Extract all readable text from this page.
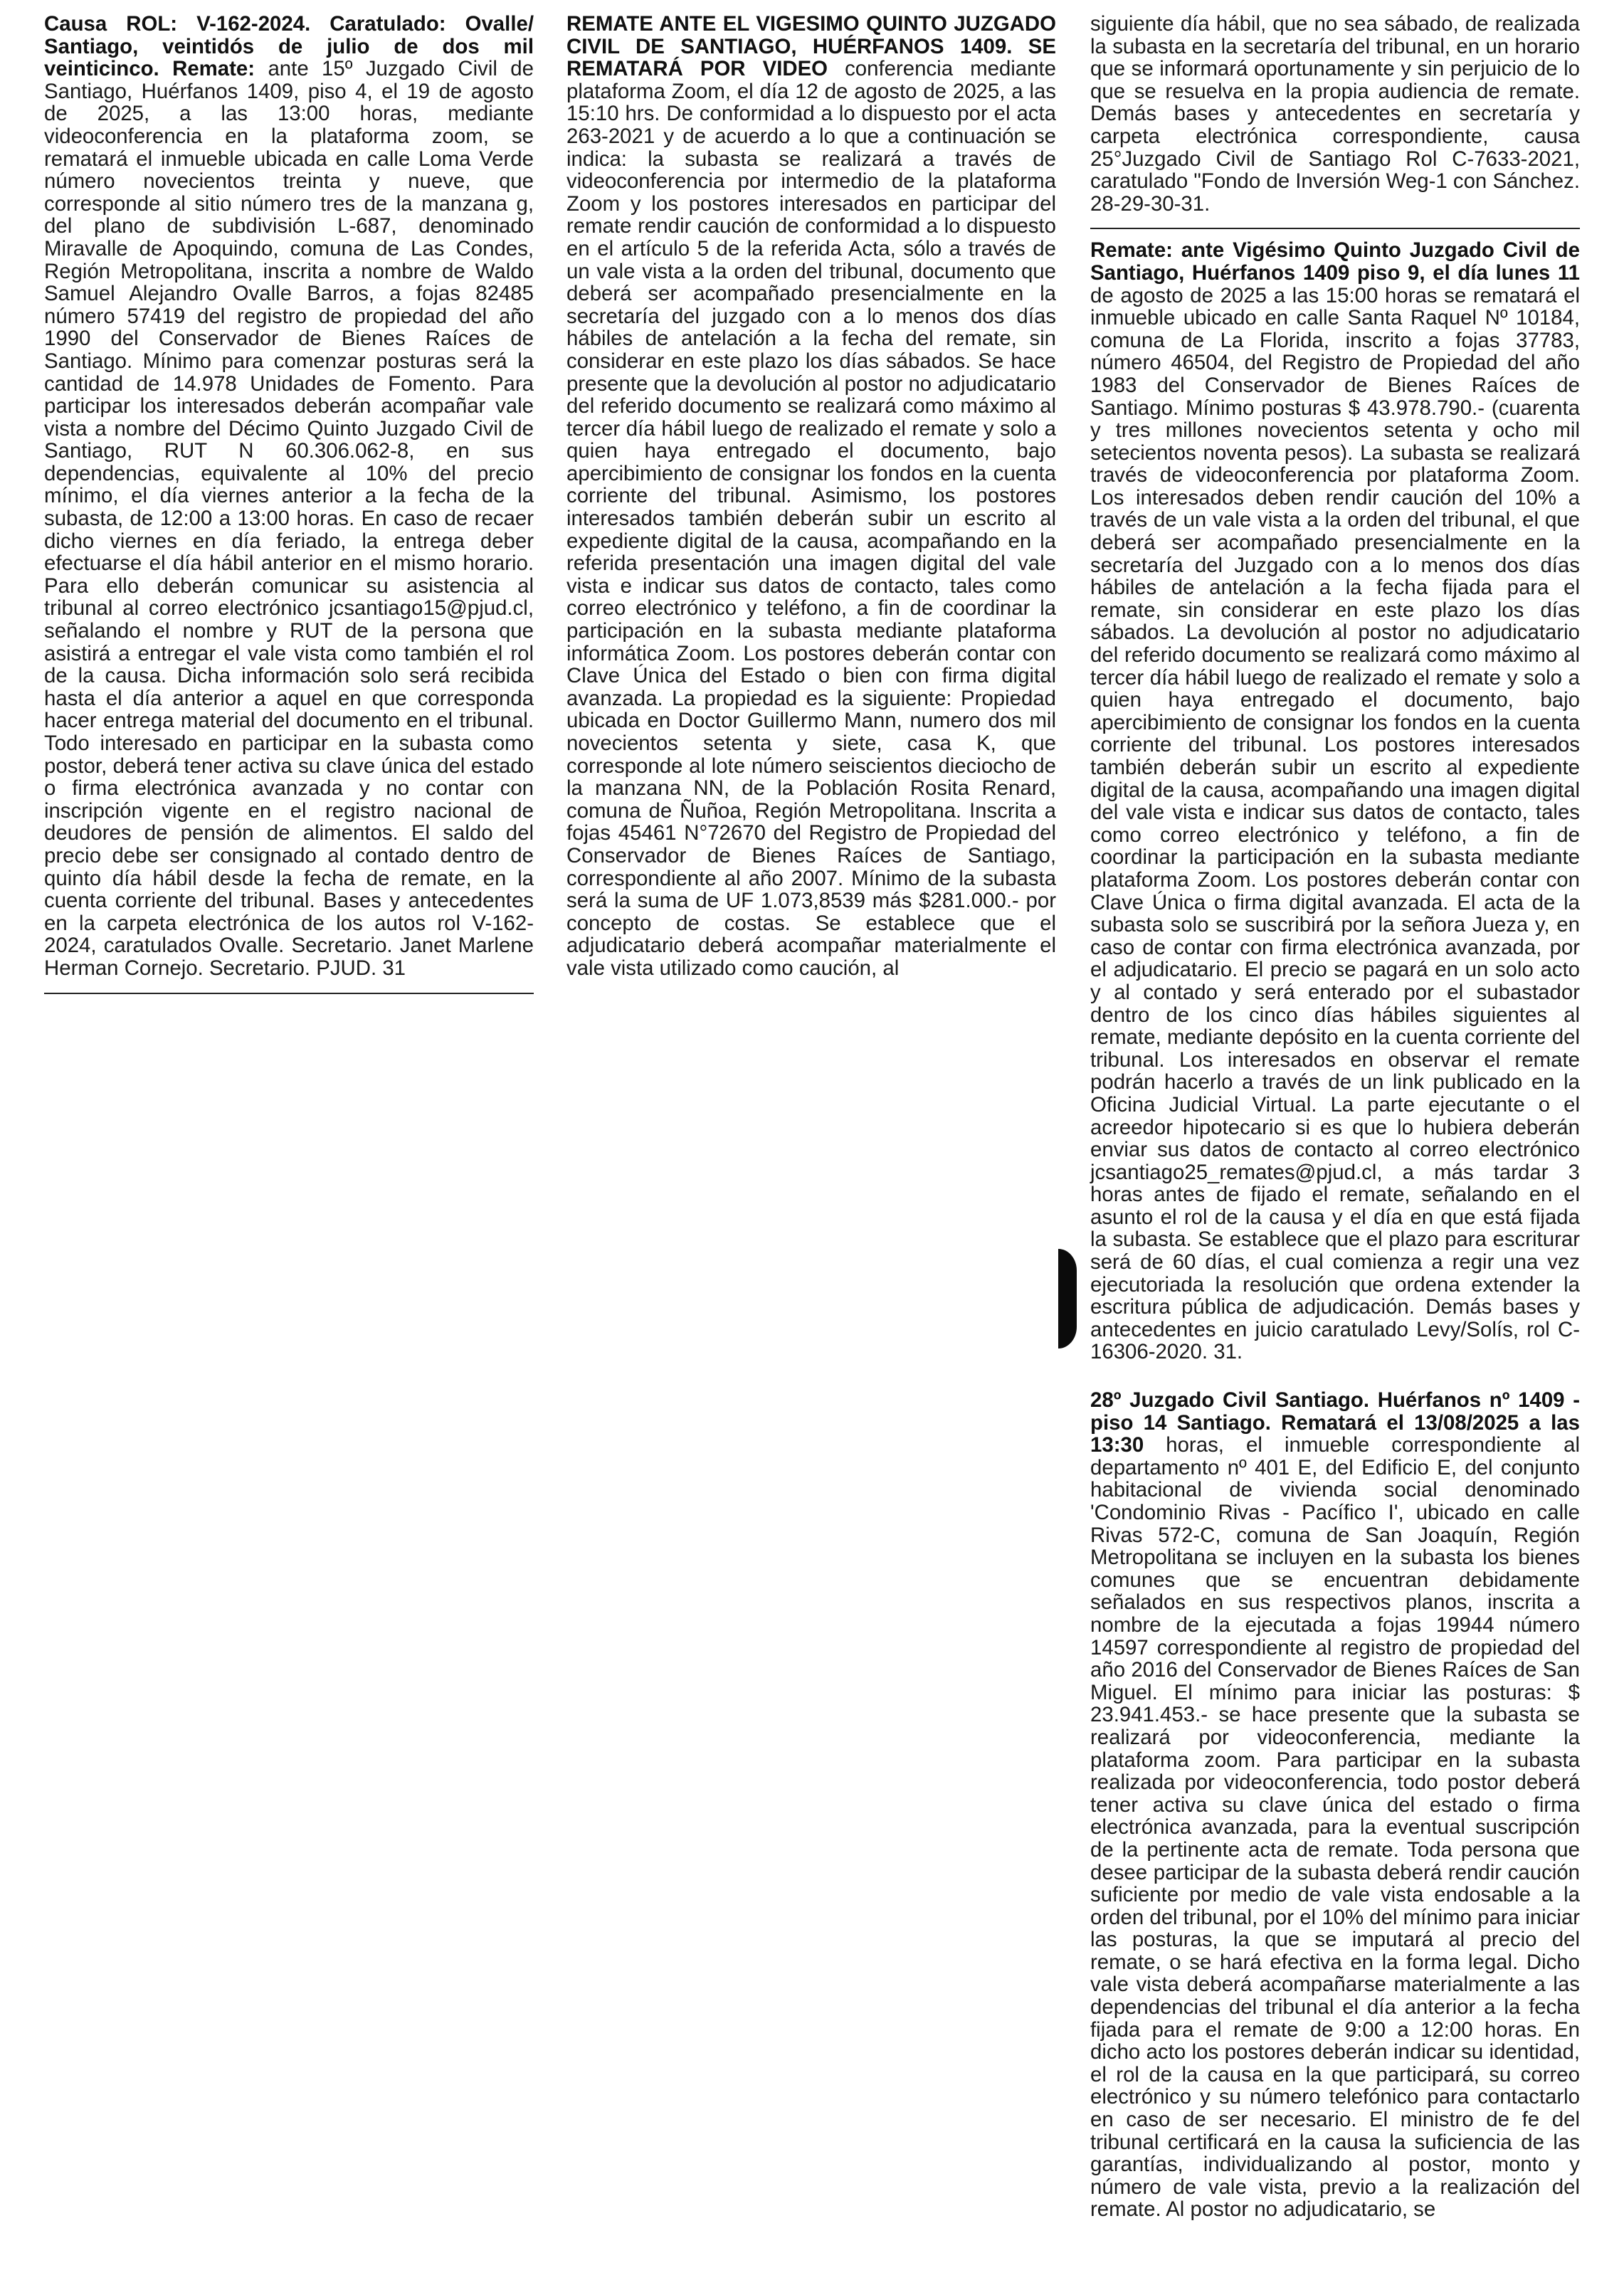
Causa ROL: V-162-2024. Caratulado: Ovalle/ Santiago, veintidós de julio de dos mil veinticinco. Remate: ante 15º Juzgado Civil de Santiago, Huérfanos 1409, piso 4, el 19 de agosto de 2025, a las 13:00 horas, mediante videoconferencia en la plataforma zoom, se rematará el inmueble ubicada en calle Loma Verde número novecientos treinta y nueve, que corresponde al sitio número tres de la manzana g, del plano de subdivisión L-687, denominado Miravalle de Apoquindo, comuna de Las Condes, Región Metropolitana, inscrita a nombre de Waldo Samuel Alejandro Ovalle Barros, a fojas 82485 número 57419 del registro de propiedad del año 1990 del Conservador de Bienes Raíces de Santiago. Mínimo para comenzar posturas será la cantidad de 14.978 Unidades de Fomento. Para participar los interesados deberán acompañar vale vista a nombre del Décimo Quinto Juzgado Civil de Santiago, RUT N 60.306.062-8, en sus dependencias, equivalente al 10% del precio mínimo, el día viernes anterior a la fecha de la subasta, de 12:00 a 13:00 horas. En caso de recaer dicho viernes en día feriado, la entrega deber efectuarse el día hábil anterior en el mismo horario. Para ello deberán comunicar su asistencia al tribunal al correo electrónico jcsantiago15@pjud.cl, señalando el nombre y RUT de la persona que asistirá a entregar el vale vista como también el rol de la causa. Dicha información solo será recibida hasta el día anterior a aquel en que corresponda hacer entrega material del documento en el tribunal. Todo interesado en participar en la subasta como postor, deberá tener activa su clave única del estado o firma electrónica avanzada y no contar con inscripción vigente en el registro nacional de deudores de pensión de alimentos. El saldo del precio debe ser consignado al contado dentro de quinto día hábil desde la fecha de remate, en la cuenta corriente del tribunal. Bases y antecedentes en la carpeta electrónica de los autos rol V-162-2024, caratulados Ovalle. Secretario. Janet Marlene Herman Cornejo. Secretario. PJUD. 31

REMATE ANTE EL VIGESIMO QUINTO JUZGADO CIVIL DE SANTIAGO, HUÉRFANOS 1409. SE REMATARÁ POR VIDEO conferencia mediante plataforma Zoom, el día 12 de agosto de 2025, a las 15:10 hrs. De conformidad a lo dispuesto por el acta 263-2021 y de acuerdo a lo que a continuación se indica: la subasta se realizará a través de videoconferencia por intermedio de la plataforma Zoom y los postores interesados en participar del remate rendir caución de conformidad a lo dispuesto en el artículo 5 de la referida Acta, sólo a través de un vale vista a la orden del tribunal, documento que deberá ser acompañado presencialmente en la secretaría del juzgado con a lo menos dos días hábiles de antelación a la fecha del remate, sin considerar en este plazo los días sábados. Se hace presente que la devolución al postor no adjudicatario del referido documento se realizará como máximo al tercer día hábil luego de realizado el remate y solo a quien haya entregado el documento, bajo apercibimiento de consignar los fondos en la cuenta corriente del tribunal. Asimismo, los postores interesados también deberán subir un escrito al expediente digital de la causa, acompañando en la referida presentación una imagen digital del vale vista e indicar sus datos de contacto, tales como correo electrónico y teléfono, a fin de coordinar la participación en la subasta mediante plataforma informática Zoom. Los postores deberán contar con Clave Única del Estado o bien con firma digital avanzada. La propiedad es la siguiente: Propiedad ubicada en Doctor Guillermo Mann, numero dos mil novecientos setenta y siete, casa K, que corresponde al lote número seiscientos dieciocho de la manzana NN, de la Población Rosita Renard, comuna de Ñuñoa, Región Metropolitana. Inscrita a fojas 45461 N°72670 del Registro de Propiedad del Conservador de Bienes Raíces de Santiago, correspondiente al año 2007. Mínimo de la subasta será la suma de UF 1.073,8539 más $281.000.- por concepto de costas. Se establece que el adjudicatario deberá acompañar materialmente el vale vista utilizado como caución, al

siguiente día hábil, que no sea sábado, de realizada la subasta en la secretaría del tribunal, en un horario que se informará oportunamente y sin perjuicio de lo que se resuelva en la propia audiencia de remate. Demás bases y antecedentes en secretaría y carpeta electrónica correspondiente, causa 25°Juzgado Civil de Santiago Rol C-7633-2021, caratulado "Fondo de Inversión Weg-1 con Sánchez. 28-29-30-31.

Remate: ante Vigésimo Quinto Juzgado Civil de Santiago, Huérfanos 1409 piso 9, el día lunes 11 de agosto de 2025 a las 15:00 horas se rematará el inmueble ubicado en calle Santa Raquel Nº 10184, comuna de La Florida, inscrito a fojas 37783, número 46504, del Registro de Propiedad del año 1983 del Conservador de Bienes Raíces de Santiago. Mínimo posturas $ 43.978.790.- (cuarenta y tres millones novecientos setenta y ocho mil setecientos noventa pesos). La subasta se realizará través de videoconferencia por plataforma Zoom. Los interesados deben rendir caución del 10% a través de un vale vista a la orden del tribunal, el que deberá ser acompañado presencialmente en la secretaría del Juzgado con a lo menos dos días hábiles de antelación a la fecha fijada para el remate, sin considerar en este plazo los días sábados. La devolución al postor no adjudicatario del referido documento se realizará como máximo al tercer día hábil luego de realizado el remate y solo a quien haya entregado el documento, bajo apercibimiento de consignar los fondos en la cuenta corriente del tribunal. Los postores interesados también deberán subir un escrito al expediente digital de la causa, acompañando una imagen digital del vale vista e indicar sus datos de contacto, tales como correo electrónico y teléfono, a fin de coordinar la participación en la subasta mediante plataforma Zoom. Los postores deberán contar con Clave Única o firma digital avanzada. El acta de la subasta solo se suscribirá por la señora Jueza y, en caso de contar con firma electrónica avanzada, por el adjudicatario. El precio se pagará en un solo acto y al contado y será enterado por el subastador dentro de los cinco días hábiles siguientes al remate, mediante depósito en la cuenta corriente del tribunal. Los interesados en observar el remate podrán hacerlo a través de un link publicado en la Oficina Judicial Virtual. La parte ejecutante o el acreedor hipotecario si es que lo hubiera deberán enviar sus datos de contacto al correo electrónico jcsantiago25_remates@pjud.cl, a más tardar 3 horas antes de fijado el remate, señalando en el asunto el rol de la causa y el día en que está fijada la subasta. Se establece que el plazo para escriturar será de 60 días, el cual comienza a regir una vez ejecutoriada la resolución que ordena extender la escritura pública de adjudicación. Demás bases y antecedentes en juicio caratulado Levy/Solís, rol C-16306-2020. 31.

28º Juzgado Civil Santiago. Huérfanos nº 1409 - piso 14 Santiago. Rematará el 13/08/2025 a las 13:30 horas, el inmueble correspondiente al departamento nº 401 E, del Edificio E, del conjunto habitacional de vivienda social denominado 'Condominio Rivas - Pacífico I', ubicado en calle Rivas 572-C, comuna de San Joaquín, Región Metropolitana se incluyen en la subasta los bienes comunes que se encuentran debidamente señalados en sus respectivos planos, inscrita a nombre de la ejecutada a fojas 19944 número 14597 correspondiente al registro de propiedad del año 2016 del Conservador de Bienes Raíces de San Miguel. El mínimo para iniciar las posturas: $ 23.941.453.- se hace presente que la subasta se realizará por videoconferencia, mediante la plataforma zoom. Para participar en la subasta realizada por videoconferencia, todo postor deberá tener activa su clave única del estado o firma electrónica avanzada, para la eventual suscripción de la pertinente acta de remate. Toda persona que desee participar de la subasta deberá rendir caución suficiente por medio de vale vista endosable a la orden del tribunal, por el 10% del mínimo para iniciar las posturas, la que se imputará al precio del remate, o se hará efectiva en la forma legal. Dicho vale vista deberá acompañarse materialmente a las dependencias del tribunal el día anterior a la fecha fijada para el remate de 9:00 a 12:00 horas. En dicho acto los postores deberán indicar su identidad, el rol de la causa en la que participará, su correo electrónico y su número telefónico para contactarlo en caso de ser necesario. El ministro de fe del tribunal certificará en la causa la suficiencia de las garantías, individualizando al postor, monto y número de vale vista, previo a la realización del remate. Al postor no adjudicatario, se
